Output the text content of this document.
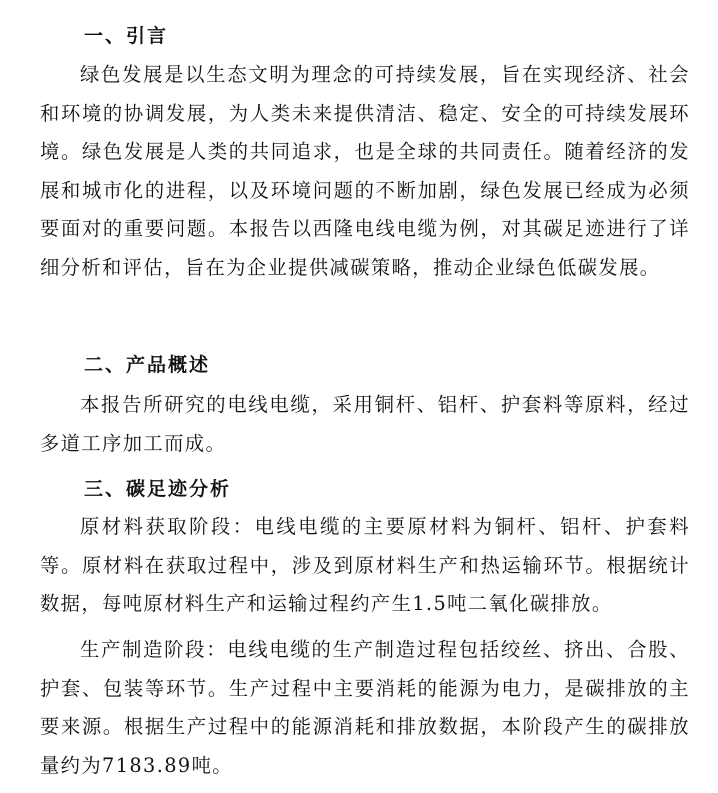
一、引言

绿色发展是以生态文明为理念的可持续发展，旨在实现经济、社会和环境的协调发展，为人类未来提供清洁、稳定、安全的可持续发展环境。绿色发展是人类的共同追求，也是全球的共同责任。随着经济的发展和城市化的进程，以及环境问题的不断加剧，绿色发展已经成为必须要面对的重要问题。本报告以西隆电线电缆为例，对其碳足迹进行了详细分析和评估，旨在为企业提供减碳策略，推动企业绿色低碳发展。

二、产品概述

本报告所研究的电线电缆，采用铜杆、铝杆、护套料等原料，经过多道工序加工而成。

三、碳足迹分析

原材料获取阶段：电线电缆的主要原材料为铜杆、铝杆、护套料等。原材料在获取过程中，涉及到原材料生产和热运输环节。根据统计数据，每吨原材料生产和运输过程约产生1.5吨二氧化碳排放。

生产制造阶段：电线电缆的生产制造过程包括绞丝、挤出、合股、护套、包装等环节。生产过程中主要消耗的能源为电力，是碳排放的主要来源。根据生产过程中的能源消耗和排放数据，本阶段产生的碳排放量约为7183.89吨。
